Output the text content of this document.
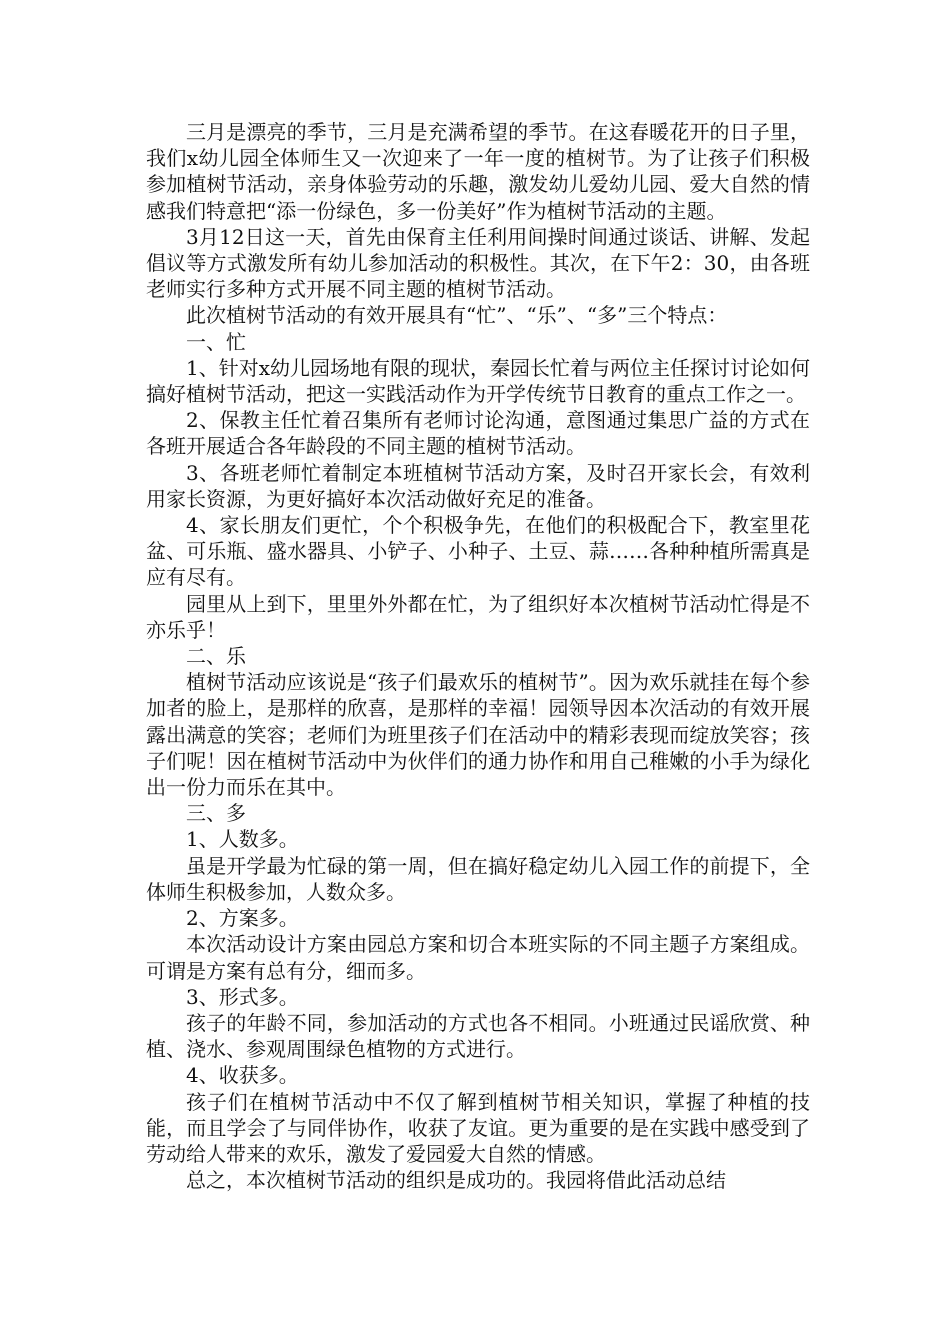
三月是漂亮的季节，三月是充满希望的季节。在这春暖花开的日子里，我们x幼儿园全体师生又一次迎来了一年一度的植树节。为了让孩子们积极参加植树节活动，亲身体验劳动的乐趣，激发幼儿爱幼儿园、爱大自然的情感我们特意把“添一份绿色，多一份美好”作为植树节活动的主题。

3月12日这一天，首先由保育主任利用间操时间通过谈话、讲解、发起倡议等方式激发所有幼儿参加活动的积极性。其次，在下午2：30，由各班老师实行多种方式开展不同主题的植树节活动。

此次植树节活动的有效开展具有“忙”、“乐”、“多”三个特点：

一、忙

1、针对x幼儿园场地有限的现状，秦园长忙着与两位主任探讨讨论如何搞好植树节活动，把这一实践活动作为开学传统节日教育的重点工作之一。

2、保教主任忙着召集所有老师讨论沟通，意图通过集思广益的方式在各班开展适合各年龄段的不同主题的植树节活动。

3、各班老师忙着制定本班植树节活动方案，及时召开家长会，有效利用家长资源，为更好搞好本次活动做好充足的准备。

4、家长朋友们更忙，个个积极争先，在他们的积极配合下，教室里花盆、可乐瓶、盛水器具、小铲子、小种子、土豆、蒜……各种种植所需真是应有尽有。

园里从上到下，里里外外都在忙，为了组织好本次植树节活动忙得是不亦乐乎！

二、乐

植树节活动应该说是“孩子们最欢乐的植树节”。因为欢乐就挂在每个参加者的脸上，是那样的欣喜，是那样的幸福！园领导因本次活动的有效开展露出满意的笑容；老师们为班里孩子们在活动中的精彩表现而绽放笑容；孩子们呢！因在植树节活动中为伙伴们的通力协作和用自己稚嫩的小手为绿化出一份力而乐在其中。

三、多

1、人数多。

虽是开学最为忙碌的第一周，但在搞好稳定幼儿入园工作的前提下，全体师生积极参加，人数众多。

2、方案多。

本次活动设计方案由园总方案和切合本班实际的不同主题子方案组成。可谓是方案有总有分，细而多。

3、形式多。

孩子的年龄不同，参加活动的方式也各不相同。小班通过民谣欣赏、种植、浇水、参观周围绿色植物的方式进行。

4、收获多。

孩子们在植树节活动中不仅了解到植树节相关知识，掌握了种植的技能，而且学会了与同伴协作，收获了友谊。更为重要的是在实践中感受到了劳动给人带来的欢乐，激发了爱园爱大自然的情感。

总之，本次植树节活动的组织是成功的。我园将借此活动总结
